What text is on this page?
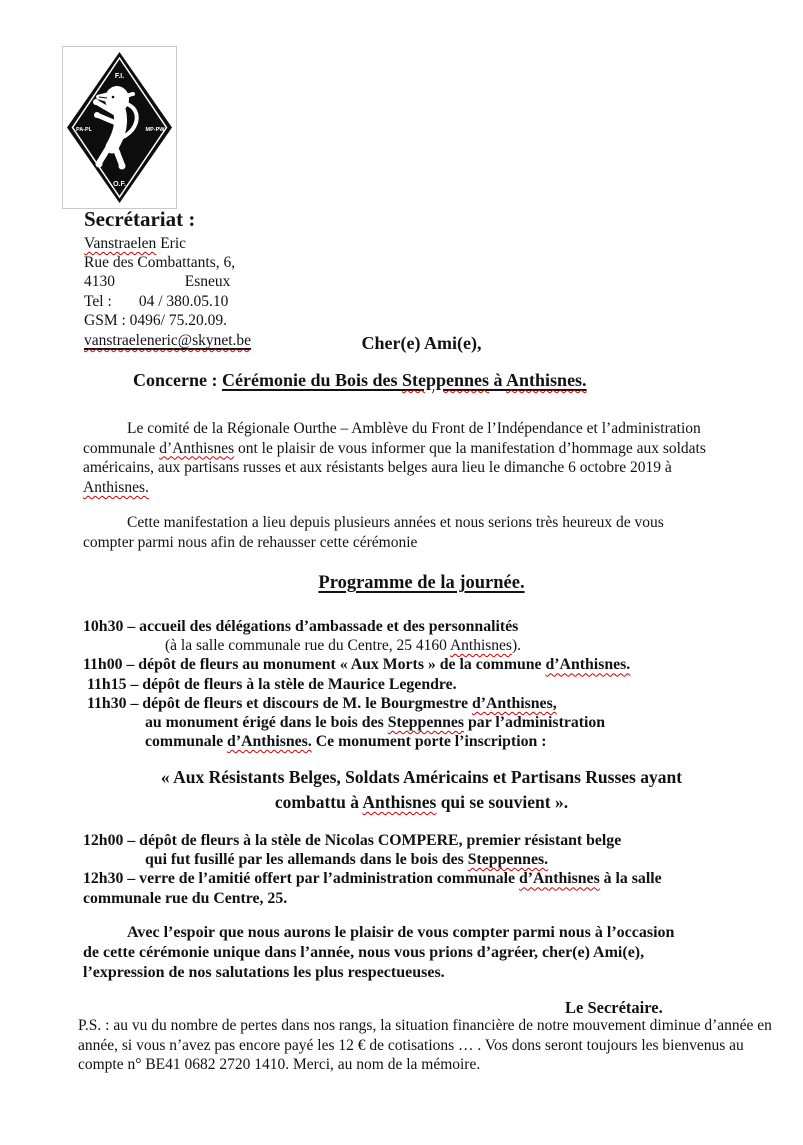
F.I.
PA-PL	MP-PW
O.F.
Secrétariat :
Vanstraelen Eric
Rue des Combattants, 6,
4130                  Esneux
Tel :       04 / 380.05.10
GSM : 0496/ 75.20.09.
vanstraeleneric@skynet.be	Cher(e) Ami(e),
Concerne : Cérémonie du Bois des Steppennes à Anthisnes.
Le comité de la Régionale Ourthe – Amblève du Front de l’Indépendance et l’administration
communale d’Anthisnes ont le plaisir de vous informer que la manifestation d’hommage aux soldats
américains, aux partisans russes et aux résistants belges aura lieu le dimanche 6 octobre 2019 à
Anthisnes.
Cette manifestation a lieu depuis plusieurs années et nous serions très heureux de vous
compter parmi nous afin de rehausser cette cérémonie
Programme de la journée.
10h30 – accueil des délégations d’ambassade et des personnalités
(à la salle communale rue du Centre, 25 4160 Anthisnes).
11h00 – dépôt de fleurs au monument « Aux Morts » de la commune d’Anthisnes.
11h15 – dépôt de fleurs à la stèle de Maurice Legendre.
11h30 – dépôt de fleurs et discours de M. le Bourgmestre d’Anthisnes,
au monument érigé dans le bois des Steppennes par l’administration
communale d’Anthisnes. Ce monument porte l’inscription :
« Aux Résistants Belges, Soldats Américains et Partisans Russes ayant
combattu à Anthisnes qui se souvient ».
12h00 – dépôt de fleurs à la stèle de Nicolas COMPERE, premier résistant belge
qui fut fusillé par les allemands dans le bois des Steppennes.
12h30 – verre de l’amitié offert par l’administration communale d’Anthisnes à la salle
communale rue du Centre, 25.
Avec l’espoir que nous aurons le plaisir de vous compter parmi nous à l’occasion
de cette cérémonie unique dans l’année, nous vous prions d’agréer, cher(e) Ami(e),
l’expression de nos salutations les plus respectueuses.
Le Secrétaire.
P.S. : au vu du nombre de pertes dans nos rangs, la situation financière de notre mouvement diminue d’année en
année, si vous n’avez pas encore payé les 12 € de cotisations … . Vos dons seront toujours les bienvenus au
compte n° BE41 0682 2720 1410. Merci, au nom de la mémoire.
